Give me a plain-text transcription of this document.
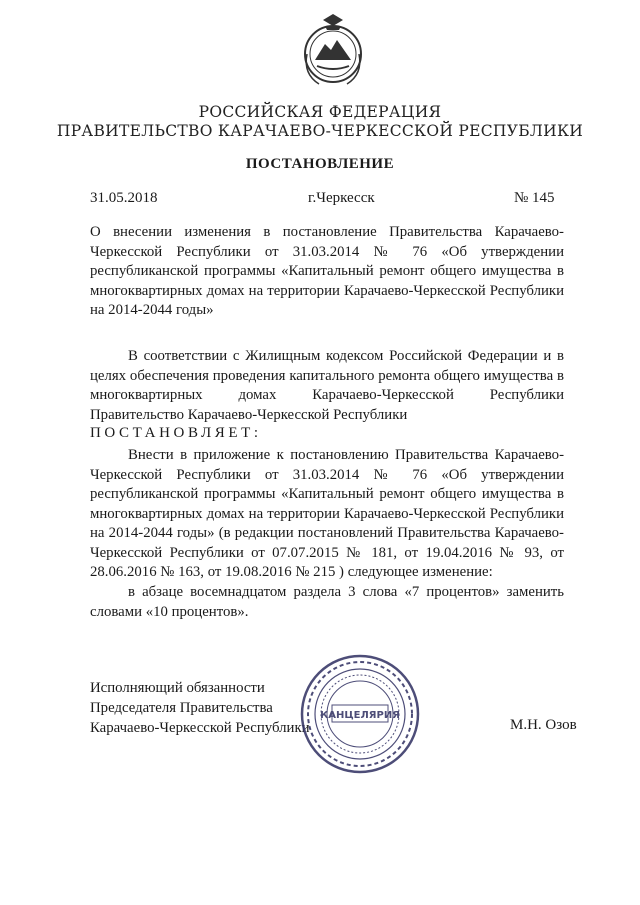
РОССИЙСКАЯ ФЕДЕРАЦИЯ
ПРАВИТЕЛЬСТВО КАРАЧАЕВО-ЧЕРКЕССКОЙ РЕСПУБЛИКИ
ПОСТАНОВЛЕНИЕ
31.05.2018	г.Черкесск	№ 145

О внесении изменения в постановление Правительства Карачаево-Черкесской Республики от 31.03.2014 № 76 «Об утверждении республиканской программы «Капитальный ремонт общего имущества в многоквартирных домах на территории Карачаево-Черкесской Республики на 2014-2044 годы»

В соответствии с Жилищным кодексом Российской Федерации и в целях обеспечения проведения капитального ремонта общего имущества в многоквартирных домах Карачаево-Черкесской Республики Правительство Карачаево-Черкесской Республики

ПОСТАНОВЛЯЕТ:

Внести в приложение к постановлению Правительства Карачаево-Черкесской Республики от 31.03.2014 № 76 «Об утверждении республиканской программы «Капитальный ремонт общего имущества в многоквартирных домах на территории Карачаево-Черкесской Республики на 2014-2044 годы» (в редакции постановлений Правительства Карачаево-Черкесской Республики от 07.07.2015 № 181, от 19.04.2016 № 93, от 28.06.2016 № 163, от 19.08.2016 № 215 ) следующее изменение:

в абзаце восемнадцатом раздела 3 слова «7 процентов» заменить словами «10 процентов».

Исполняющий обязанности
Председателя Правительства
Карачаево-Черкесской Республики
КАНЦЕЛЯРИЯ
М.Н. Озов
